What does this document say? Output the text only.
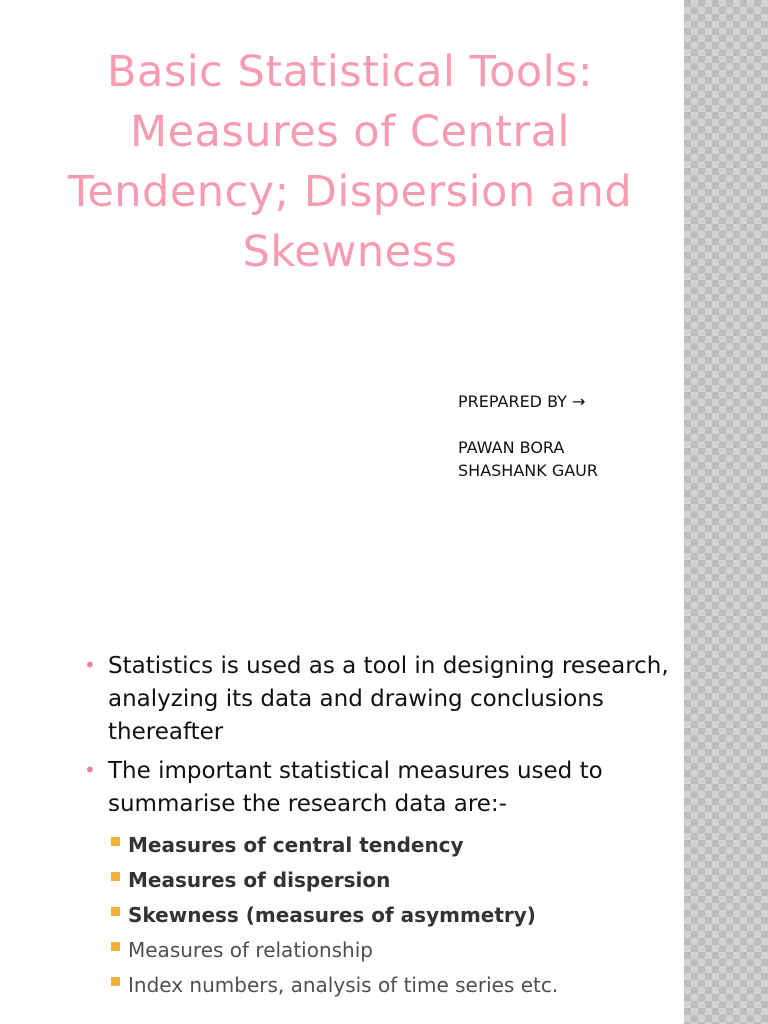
Basic Statistical Tools: Measures of Central Tendency; Dispersion and Skewness
PREPARED BY →
PAWAN BORA
SHASHANK GAUR
• Statistics is used as a tool in designing research, analyzing its data and drawing conclusions thereafter
• The important statistical measures used to summarise the research data are:-
Measures of central tendency
Measures of dispersion
Skewness (measures of asymmetry)
Measures of relationship
Index numbers, analysis of time series etc.
